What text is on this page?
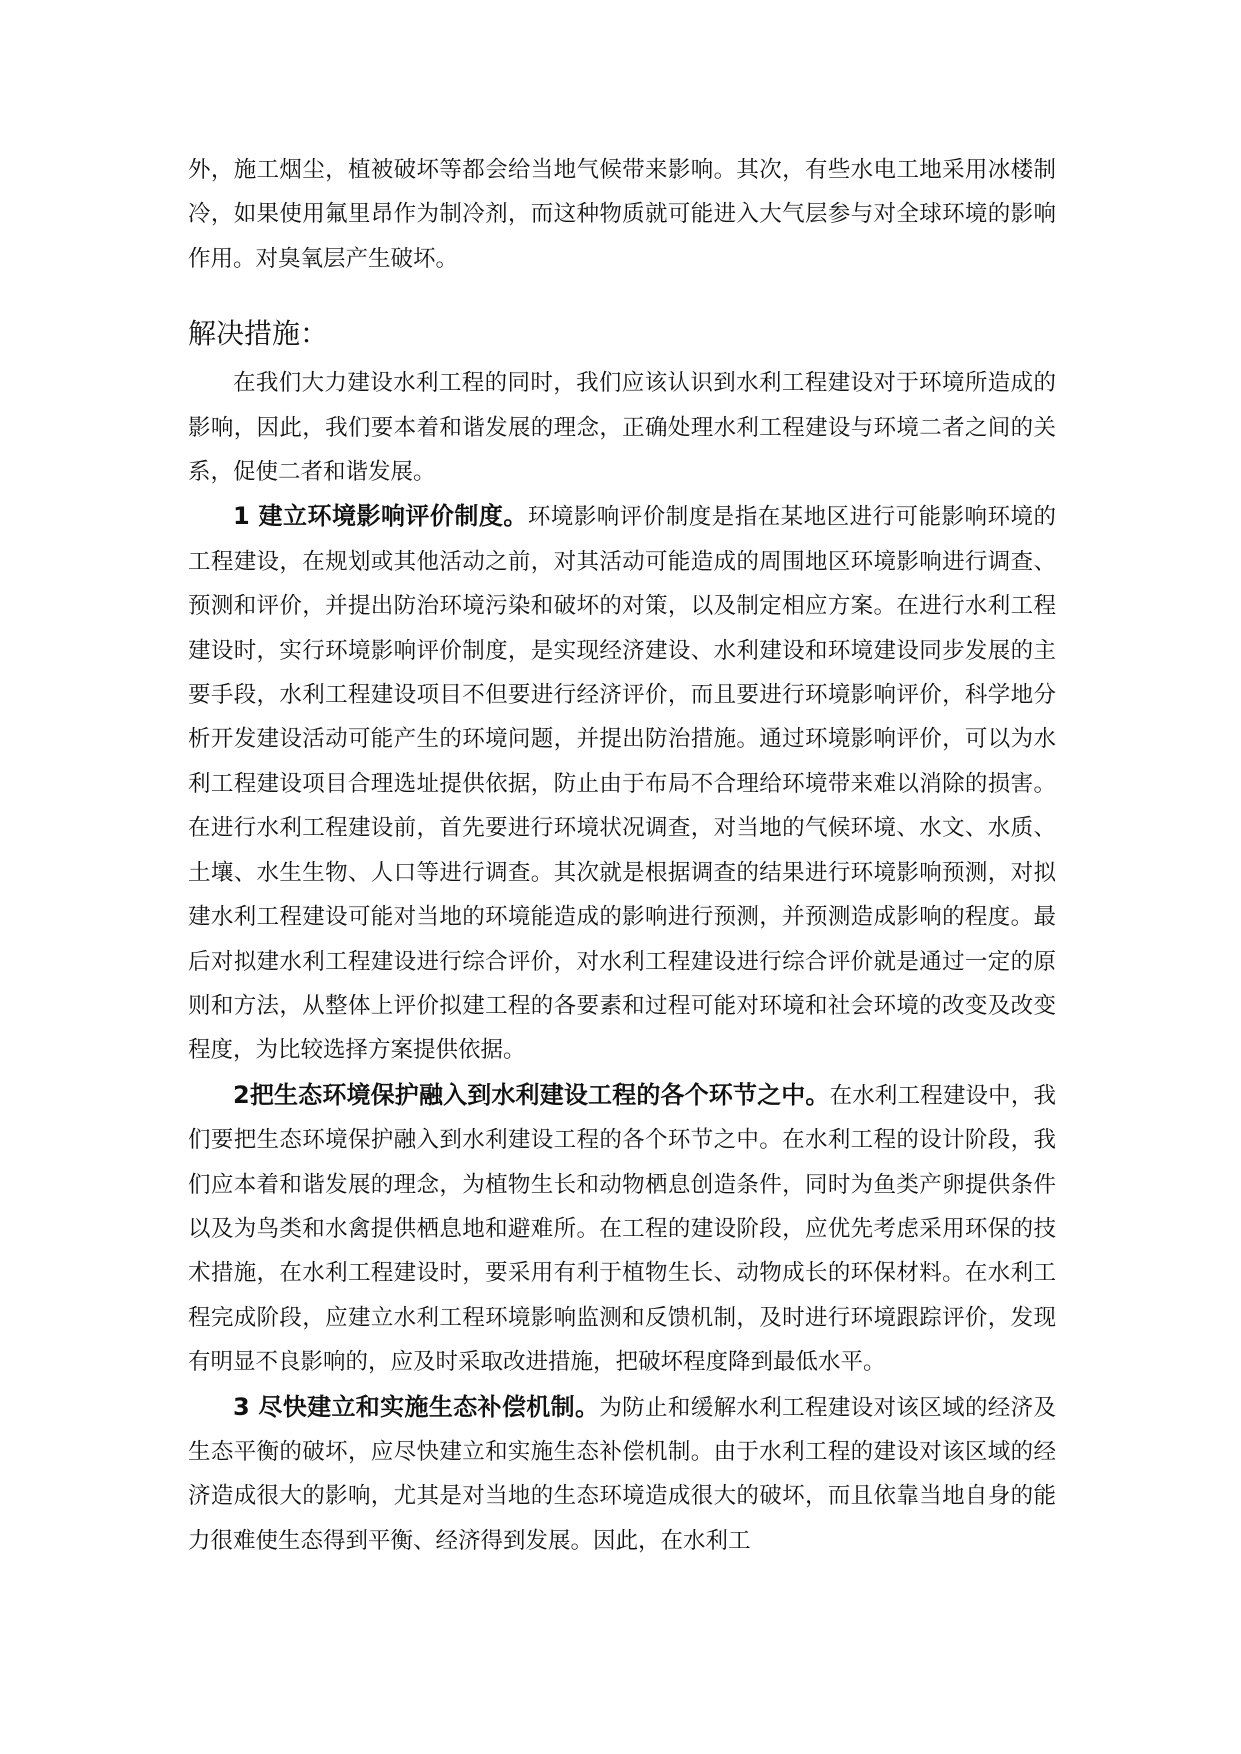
外，施工烟尘，植被破坏等都会给当地气候带来影响。其次，有些水电工地采用冰楼制冷，如果使用氟里昂作为制冷剂，而这种物质就可能进入大气层参与对全球环境的影响作用。对臭氧层产生破坏。

解决措施：

在我们大力建设水利工程的同时，我们应该认识到水利工程建设对于环境所造成的影响，因此，我们要本着和谐发展的理念，正确处理水利工程建设与环境二者之间的关系，促使二者和谐发展。

1 建立环境影响评价制度。环境影响评价制度是指在某地区进行可能影响环境的工程建设，在规划或其他活动之前，对其活动可能造成的周围地区环境影响进行调查、预测和评价，并提出防治环境污染和破坏的对策，以及制定相应方案。在进行水利工程建设时，实行环境影响评价制度，是实现经济建设、水利建设和环境建设同步发展的主要手段，水利工程建设项目不但要进行经济评价，而且要进行环境影响评价，科学地分析开发建设活动可能产生的环境问题，并提出防治措施。通过环境影响评价，可以为水利工程建设项目合理选址提供依据，防止由于布局不合理给环境带来难以消除的损害。在进行水利工程建设前，首先要进行环境状况调查，对当地的气候环境、水文、水质、土壤、水生生物、人口等进行调查。其次就是根据调查的结果进行环境影响预测，对拟建水利工程建设可能对当地的环境能造成的影响进行预测，并预测造成影响的程度。最后对拟建水利工程建设进行综合评价，对水利工程建设进行综合评价就是通过一定的原则和方法，从整体上评价拟建工程的各要素和过程可能对环境和社会环境的改变及改变程度，为比较选择方案提供依据。

2把生态环境保护融入到水利建设工程的各个环节之中。在水利工程建设中，我们要把生态环境保护融入到水利建设工程的各个环节之中。在水利工程的设计阶段，我们应本着和谐发展的理念，为植物生长和动物栖息创造条件，同时为鱼类产卵提供条件以及为鸟类和水禽提供栖息地和避难所。在工程的建设阶段，应优先考虑采用环保的技术措施，在水利工程建设时，要采用有利于植物生长、动物成长的环保材料。在水利工程完成阶段，应建立水利工程环境影响监测和反馈机制，及时进行环境跟踪评价，发现有明显不良影响的，应及时采取改进措施，把破坏程度降到最低水平。

3 尽快建立和实施生态补偿机制。为防止和缓解水利工程建设对该区域的经济及生态平衡的破坏，应尽快建立和实施生态补偿机制。由于水利工程的建设对该区域的经济造成很大的影响，尤其是对当地的生态环境造成很大的破坏，而且依靠当地自身的能力很难使生态得到平衡、经济得到发展。因此，在水利工
